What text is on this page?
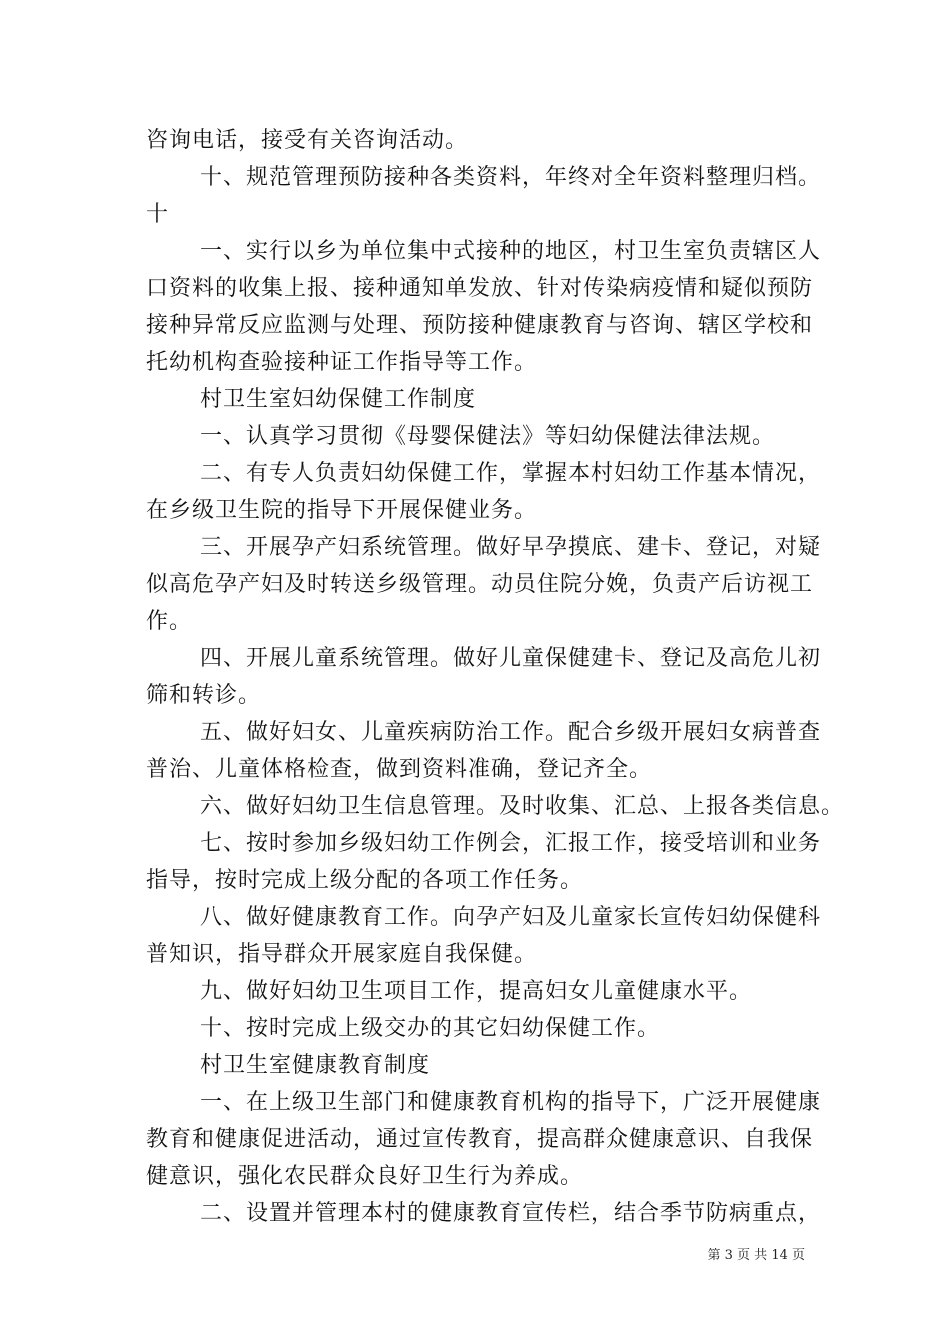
咨询电话，接受有关咨询活动。
十、规范管理预防接种各类资料，年终对全年资料整理归档。
十
一、实行以乡为单位集中式接种的地区，村卫生室负责辖区人
口资料的收集上报、接种通知单发放、针对传染病疫情和疑似预防
接种异常反应监测与处理、预防接种健康教育与咨询、辖区学校和
托幼机构查验接种证工作指导等工作。
村卫生室妇幼保健工作制度
一、认真学习贯彻《母婴保健法》等妇幼保健法律法规。
二、有专人负责妇幼保健工作，掌握本村妇幼工作基本情况，
在乡级卫生院的指导下开展保健业务。
三、开展孕产妇系统管理。做好早孕摸底、建卡、登记，对疑
似高危孕产妇及时转送乡级管理。动员住院分娩，负责产后访视工
作。
四、开展儿童系统管理。做好儿童保健建卡、登记及高危儿初
筛和转诊。
五、做好妇女、儿童疾病防治工作。配合乡级开展妇女病普查
普治、儿童体格检查，做到资料准确，登记齐全。
六、做好妇幼卫生信息管理。及时收集、汇总、上报各类信息。
七、按时参加乡级妇幼工作例会，汇报工作，接受培训和业务
指导，按时完成上级分配的各项工作任务。
八、做好健康教育工作。向孕产妇及儿童家长宣传妇幼保健科
普知识，指导群众开展家庭自我保健。
九、做好妇幼卫生项目工作，提高妇女儿童健康水平。
十、按时完成上级交办的其它妇幼保健工作。
村卫生室健康教育制度
一、在上级卫生部门和健康教育机构的指导下，广泛开展健康
教育和健康促进活动，通过宣传教育，提高群众健康意识、自我保
健意识，强化农民群众良好卫生行为养成。
二、设置并管理本村的健康教育宣传栏，结合季节防病重点，
第 3 页 共 14 页
